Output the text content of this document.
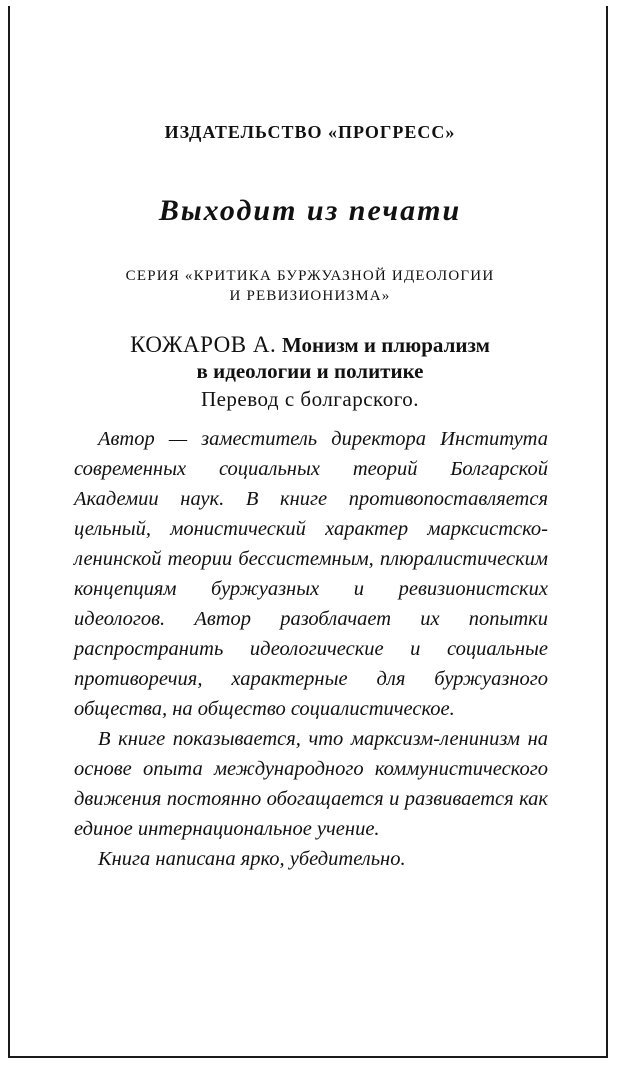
ИЗДАТЕЛЬСТВО «ПРОГРЕСС»
Выходит из печати
СЕРИЯ «КРИТИКА БУРЖУАЗНОЙ ИДЕОЛОГИИ
И РЕВИЗИОНИЗМА»
КОЖАРОВ А. Монизм и плюрализм
в идеологии и политике
Перевод с болгарского.

Автор — заместитель директора Института современных социальных теорий Болгарской Академии наук. В книге противопоставляется цельный, монистический характер марксистско-ленинской теории бессистемным, плюралистическим концепциям буржуазных и ревизионистских идеологов. Автор разоблачает их попытки распространить идеологические и социальные противоречия, характерные для буржуазного общества, на общество социалистическое.

В книге показывается, что марксизм-ленинизм на основе опыта международного коммунистического движения постоянно обогащается и развивается как единое интернациональное учение.

Книга написана ярко, убедительно.
